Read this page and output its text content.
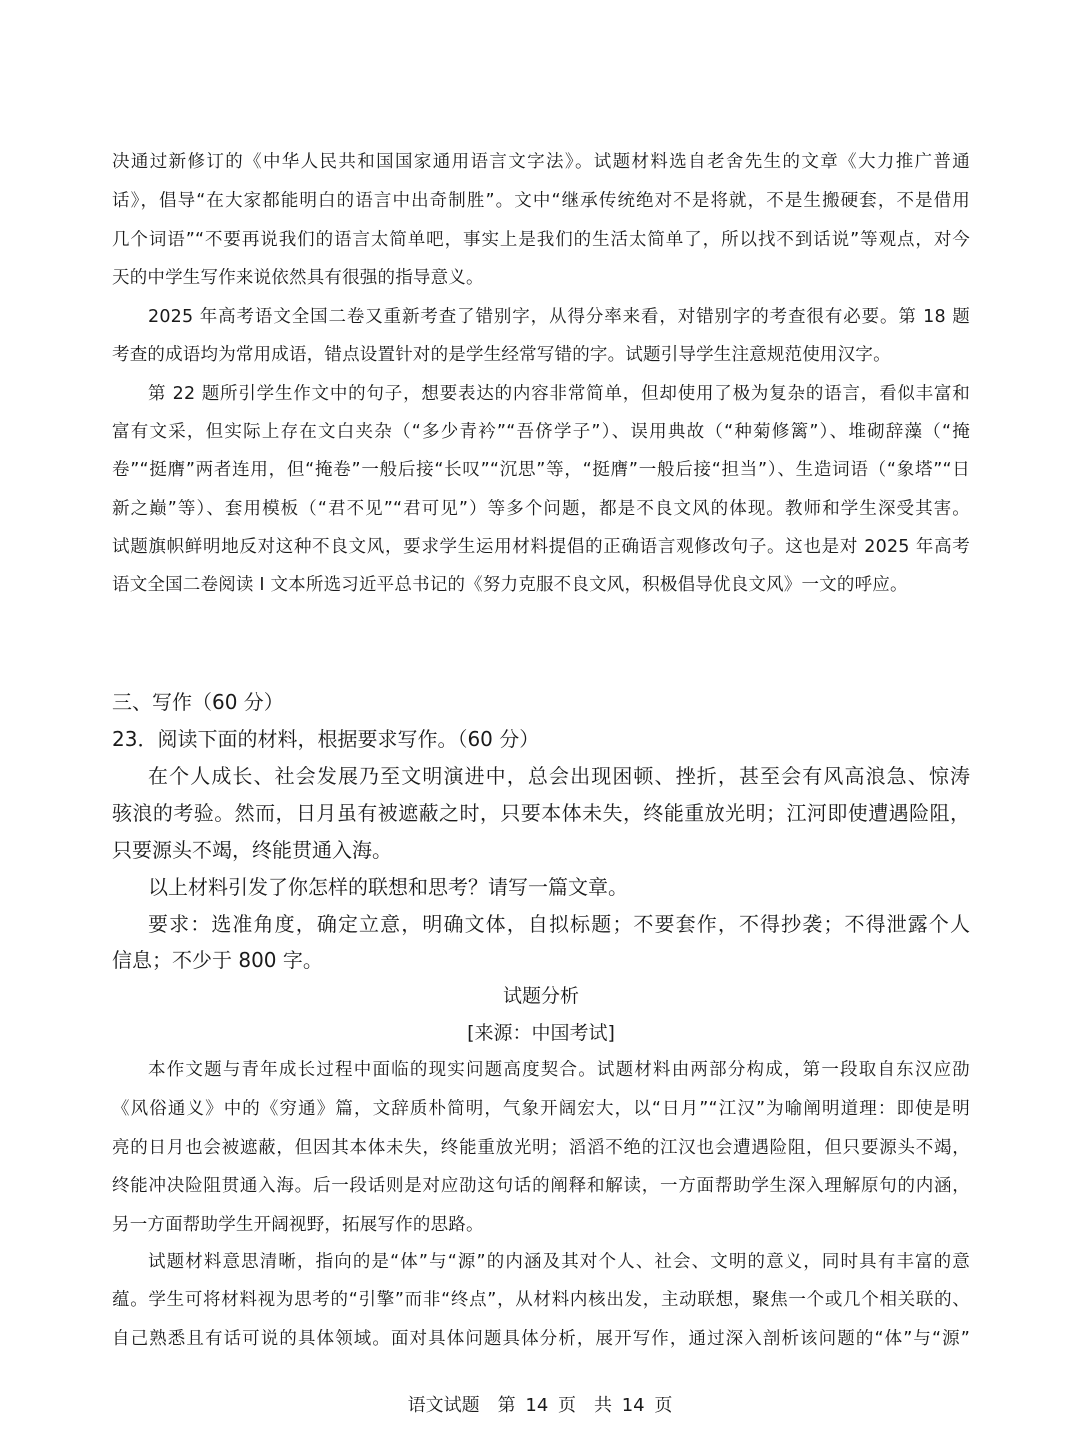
决通过新修订的《中华人民共和国国家通用语言文字法》。试题材料选自老舍先生的文章《大力推广普通
话》，倡导“在大家都能明白的语言中出奇制胜”。文中“继承传统绝对不是将就，不是生搬硬套，不是借用
几个词语”“不要再说我们的语言太简单吧，事实上是我们的生活太简单了，所以找不到话说”等观点，对今
天的中学生写作来说依然具有很强的指导意义。
2025 年高考语文全国二卷又重新考查了错别字，从得分率来看，对错别字的考查很有必要。第 18 题
考查的成语均为常用成语，错点设置针对的是学生经常写错的字。试题引导学生注意规范使用汉字。
第 22 题所引学生作文中的句子，想要表达的内容非常简单，但却使用了极为复杂的语言，看似丰富和
富有文采，但实际上存在文白夹杂（“多少青衿”“吾侪学子”）、误用典故（“种菊修篱”）、堆砌辞藻（“掩
卷”“挺膺”两者连用，但“掩卷”一般后接“长叹”“沉思”等，“挺膺”一般后接“担当”）、生造词语（“象塔”“日
新之巅”等）、套用模板（“君不见”“君可见”）等多个问题，都是不良文风的体现。教师和学生深受其害。
试题旗帜鲜明地反对这种不良文风，要求学生运用材料提倡的正确语言观修改句子。这也是对 2025 年高考
语文全国二卷阅读 I 文本所选习近平总书记的《努力克服不良文风，积极倡导优良文风》一文的呼应。
三、写作（60 分）
23．阅读下面的材料，根据要求写作。（60 分）
在个人成长、社会发展乃至文明演进中，总会出现困顿、挫折，甚至会有风高浪急、惊涛
骇浪的考验。然而，日月虽有被遮蔽之时，只要本体未失，终能重放光明；江河即使遭遇险阻，
只要源头不竭，终能贯通入海。
以上材料引发了你怎样的联想和思考？请写一篇文章。
要求：选准角度，确定立意，明确文体，自拟标题；不要套作，不得抄袭；不得泄露个人
信息；不少于 800 字。
试题分析
[来源：中国考试]
本作文题与青年成长过程中面临的现实问题高度契合。试题材料由两部分构成，第一段取自东汉应劭
《风俗通义》中的《穷通》篇，文辞质朴简明，气象开阔宏大，以“日月”“江汉”为喻阐明道理：即使是明
亮的日月也会被遮蔽，但因其本体未失，终能重放光明；滔滔不绝的江汉也会遭遇险阻，但只要源头不竭，
终能冲决险阻贯通入海。后一段话则是对应劭这句话的阐释和解读，一方面帮助学生深入理解原句的内涵，
另一方面帮助学生开阔视野，拓展写作的思路。
试题材料意思清晰，指向的是“体”与“源”的内涵及其对个人、社会、文明的意义，同时具有丰富的意
蕴。学生可将材料视为思考的“引擎”而非“终点”，从材料内核出发，主动联想，聚焦一个或几个相关联的、
自己熟悉且有话可说的具体领域。面对具体问题具体分析，展开写作，通过深入剖析该问题的“体”与“源”
语文试题　第 14 页　共 14 页
